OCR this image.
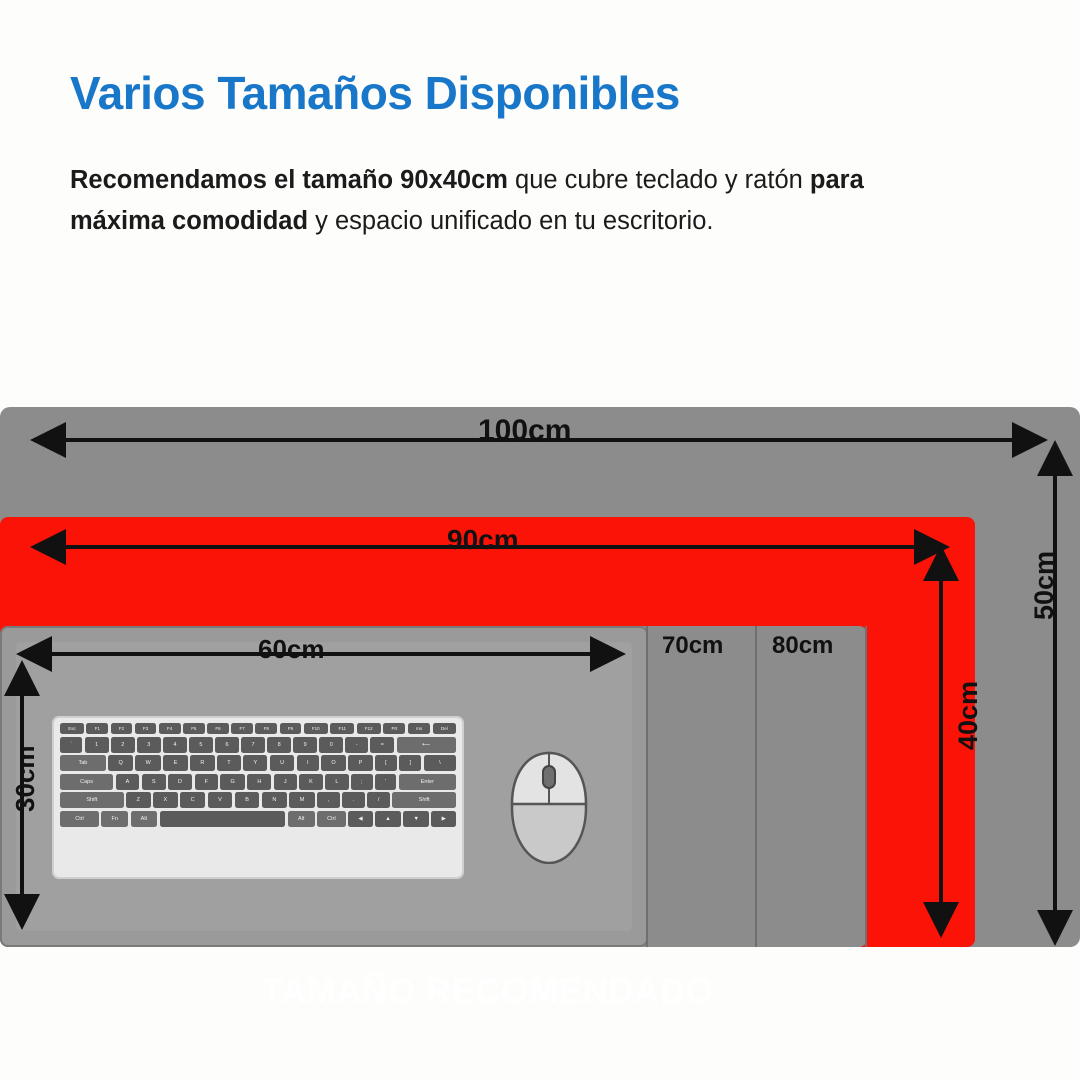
Varios Tamaños Disponibles
Recomendamos el tamaño 90x40cm que cubre teclado y ratón para máxima comodidad y espacio unificado en tu escritorio.
TAMAÑO RECOMENDADO
Esc	F1	F2	F3	F4	F5	F6	F7	F8	F9	F10	F11	F12	Prt	Ins	Del
`	1	2	3	4	5	6	7	8	9	0	-	=	⟵
Tab	Q	W	E	R	T	Y	U	I	O	P	[	]	\
Caps	A	S	D	F	G	H	J	K	L	;	'	Enter
Shift	Z	X	C	V	B	N	M	,	.	/	Shift
Ctrl	Fn	Alt	Alt	Ctrl	◀	▲	▼	▶
100cm
90cm
60cm	70cm 80cm
50cm
40cm
30cm
